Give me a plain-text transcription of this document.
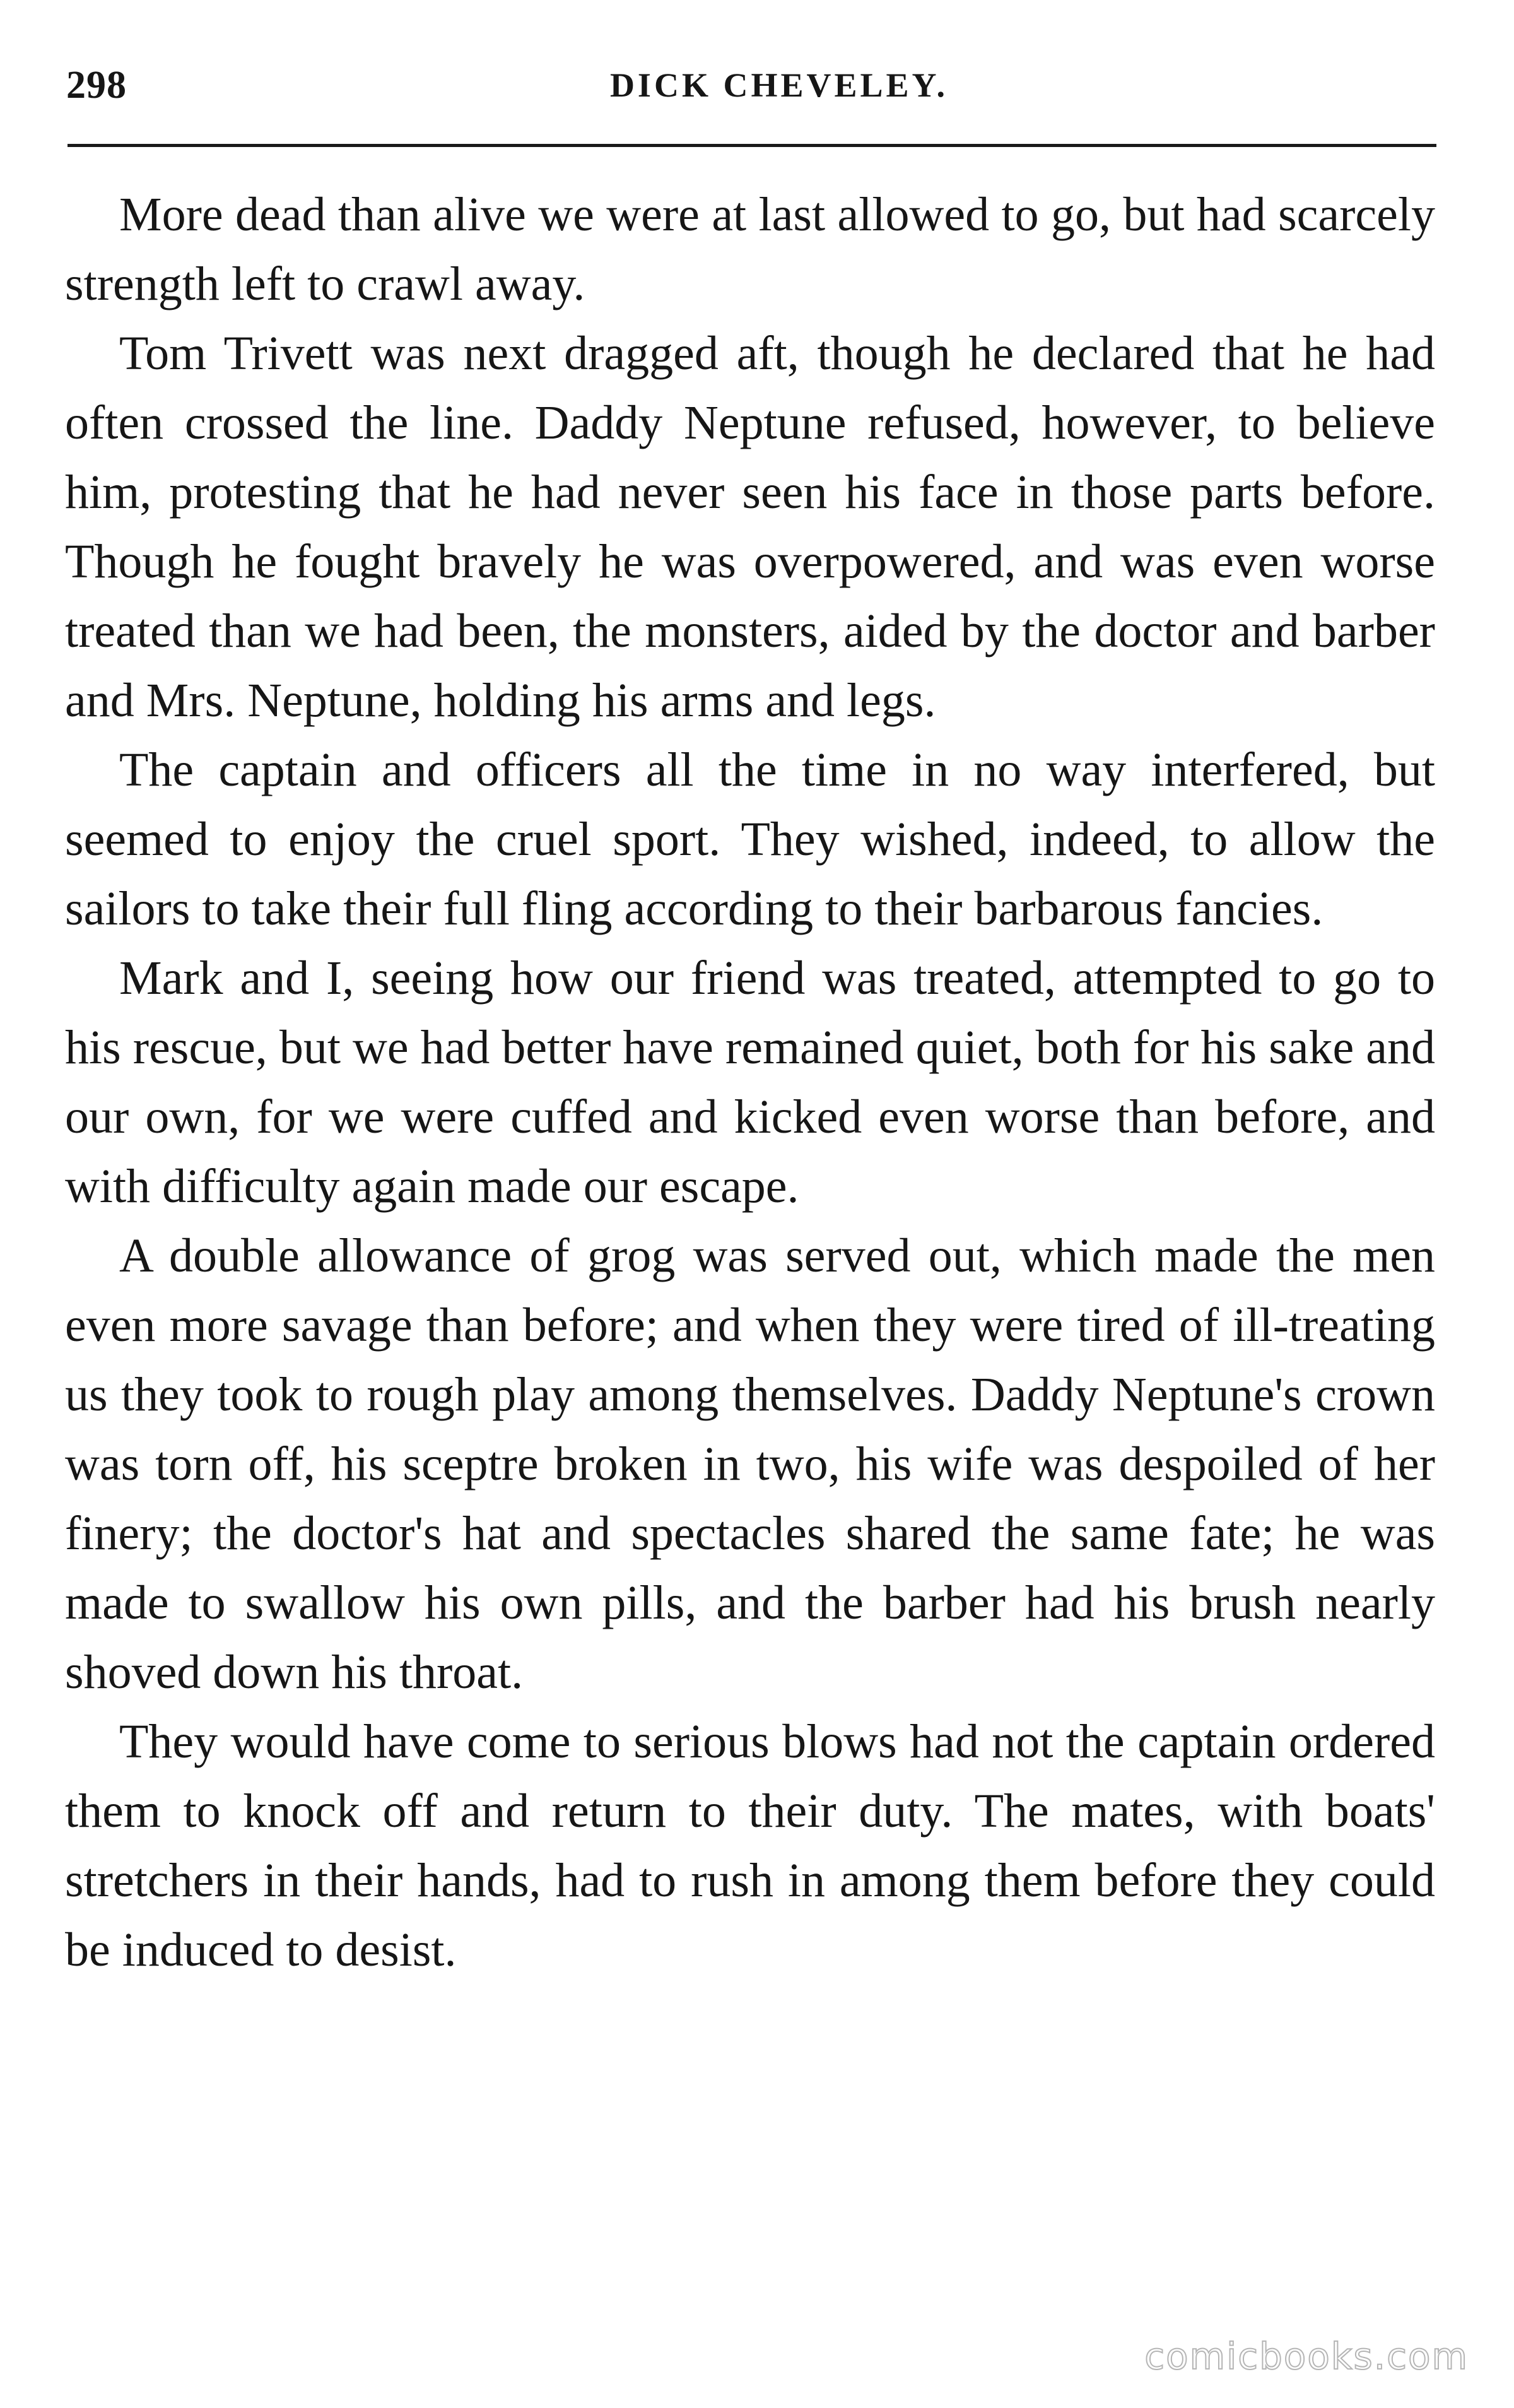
298	DICK CHEVELEY.

More dead than alive we were at last allowed to go, but had scarcely strength left to crawl away.

Tom Trivett was next dragged aft, though he declared that he had often crossed the line. Daddy Neptune refused, however, to believe him, protesting that he had never seen his face in those parts before. Though he fought bravely he was overpowered, and was even worse treated than we had been, the monsters, aided by the doctor and barber and Mrs. Neptune, holding his arms and legs.

The captain and officers all the time in no way interfered, but seemed to enjoy the cruel sport. They wished, indeed, to allow the sailors to take their full fling according to their barbarous fancies.

Mark and I, seeing how our friend was treated, attempted to go to his rescue, but we had better have remained quiet, both for his sake and our own, for we were cuffed and kicked even worse than before, and with difficulty again made our escape.

A double allowance of grog was served out, which made the men even more savage than before; and when they were tired of ill-treating us they took to rough play among themselves. Daddy Neptune's crown was torn off, his sceptre broken in two, his wife was despoiled of her finery; the doctor's hat and spectacles shared the same fate; he was made to swallow his own pills, and the barber had his brush nearly shoved down his throat.

They would have come to serious blows had not the captain ordered them to knock off and return to their duty. The mates, with boats' stretchers in their hands, had to rush in among them before they could be induced to desist.

comicbooks.com
